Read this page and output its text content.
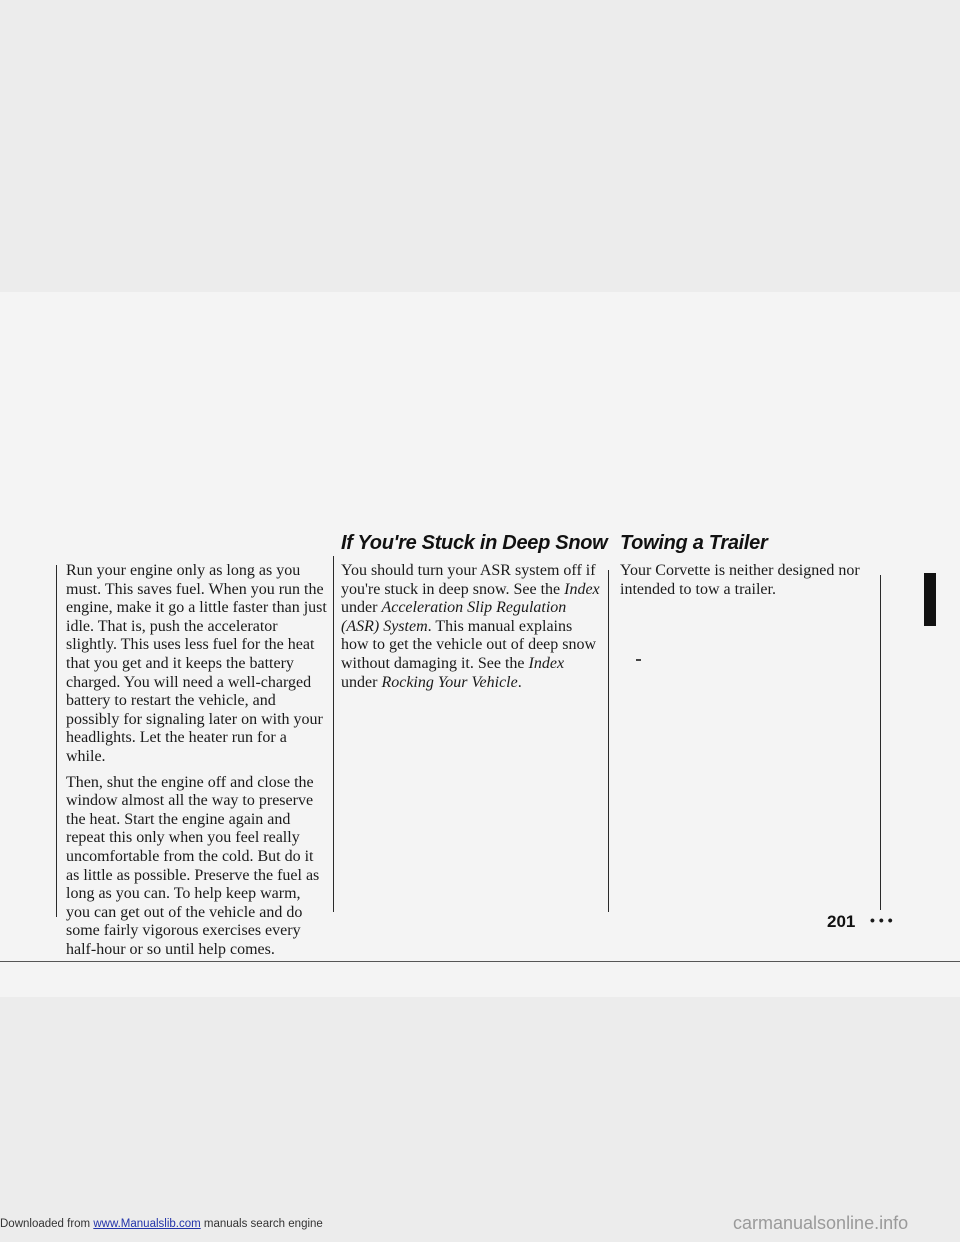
Run your engine only as long as you must. This saves fuel. When you run the engine, make it go a little faster than just idle. That is, push the accelerator slightly. This uses less fuel for the heat that you get and it keeps the battery charged. You will need a well-charged battery to restart the vehicle, and possibly for signaling later on with your headlights. Let the heater run for a while.

Then, shut the engine off and close the window almost all the way to preserve the heat. Start the engine again and repeat this only when you feel really uncomfortable from the cold. But do it as little as possible. Preserve the fuel as long as you can. To help keep warm, you can get out of the vehicle and do some fairly vigorous exercises every half-hour or so until help comes.

If You're Stuck in Deep Snow

You should turn your ASR system off if you're stuck in deep snow. See the Index under Acceleration Slip Regulation (ASR) System. This manual explains how to get the vehicle out of deep snow without damaging it. See the Index under Rocking Your Vehicle.

Towing a Trailer

Your Corvette is neither designed nor intended to tow a trailer.

201 •••
Downloaded from www.Manualslib.com manuals search engine	carmanualsonline.info
